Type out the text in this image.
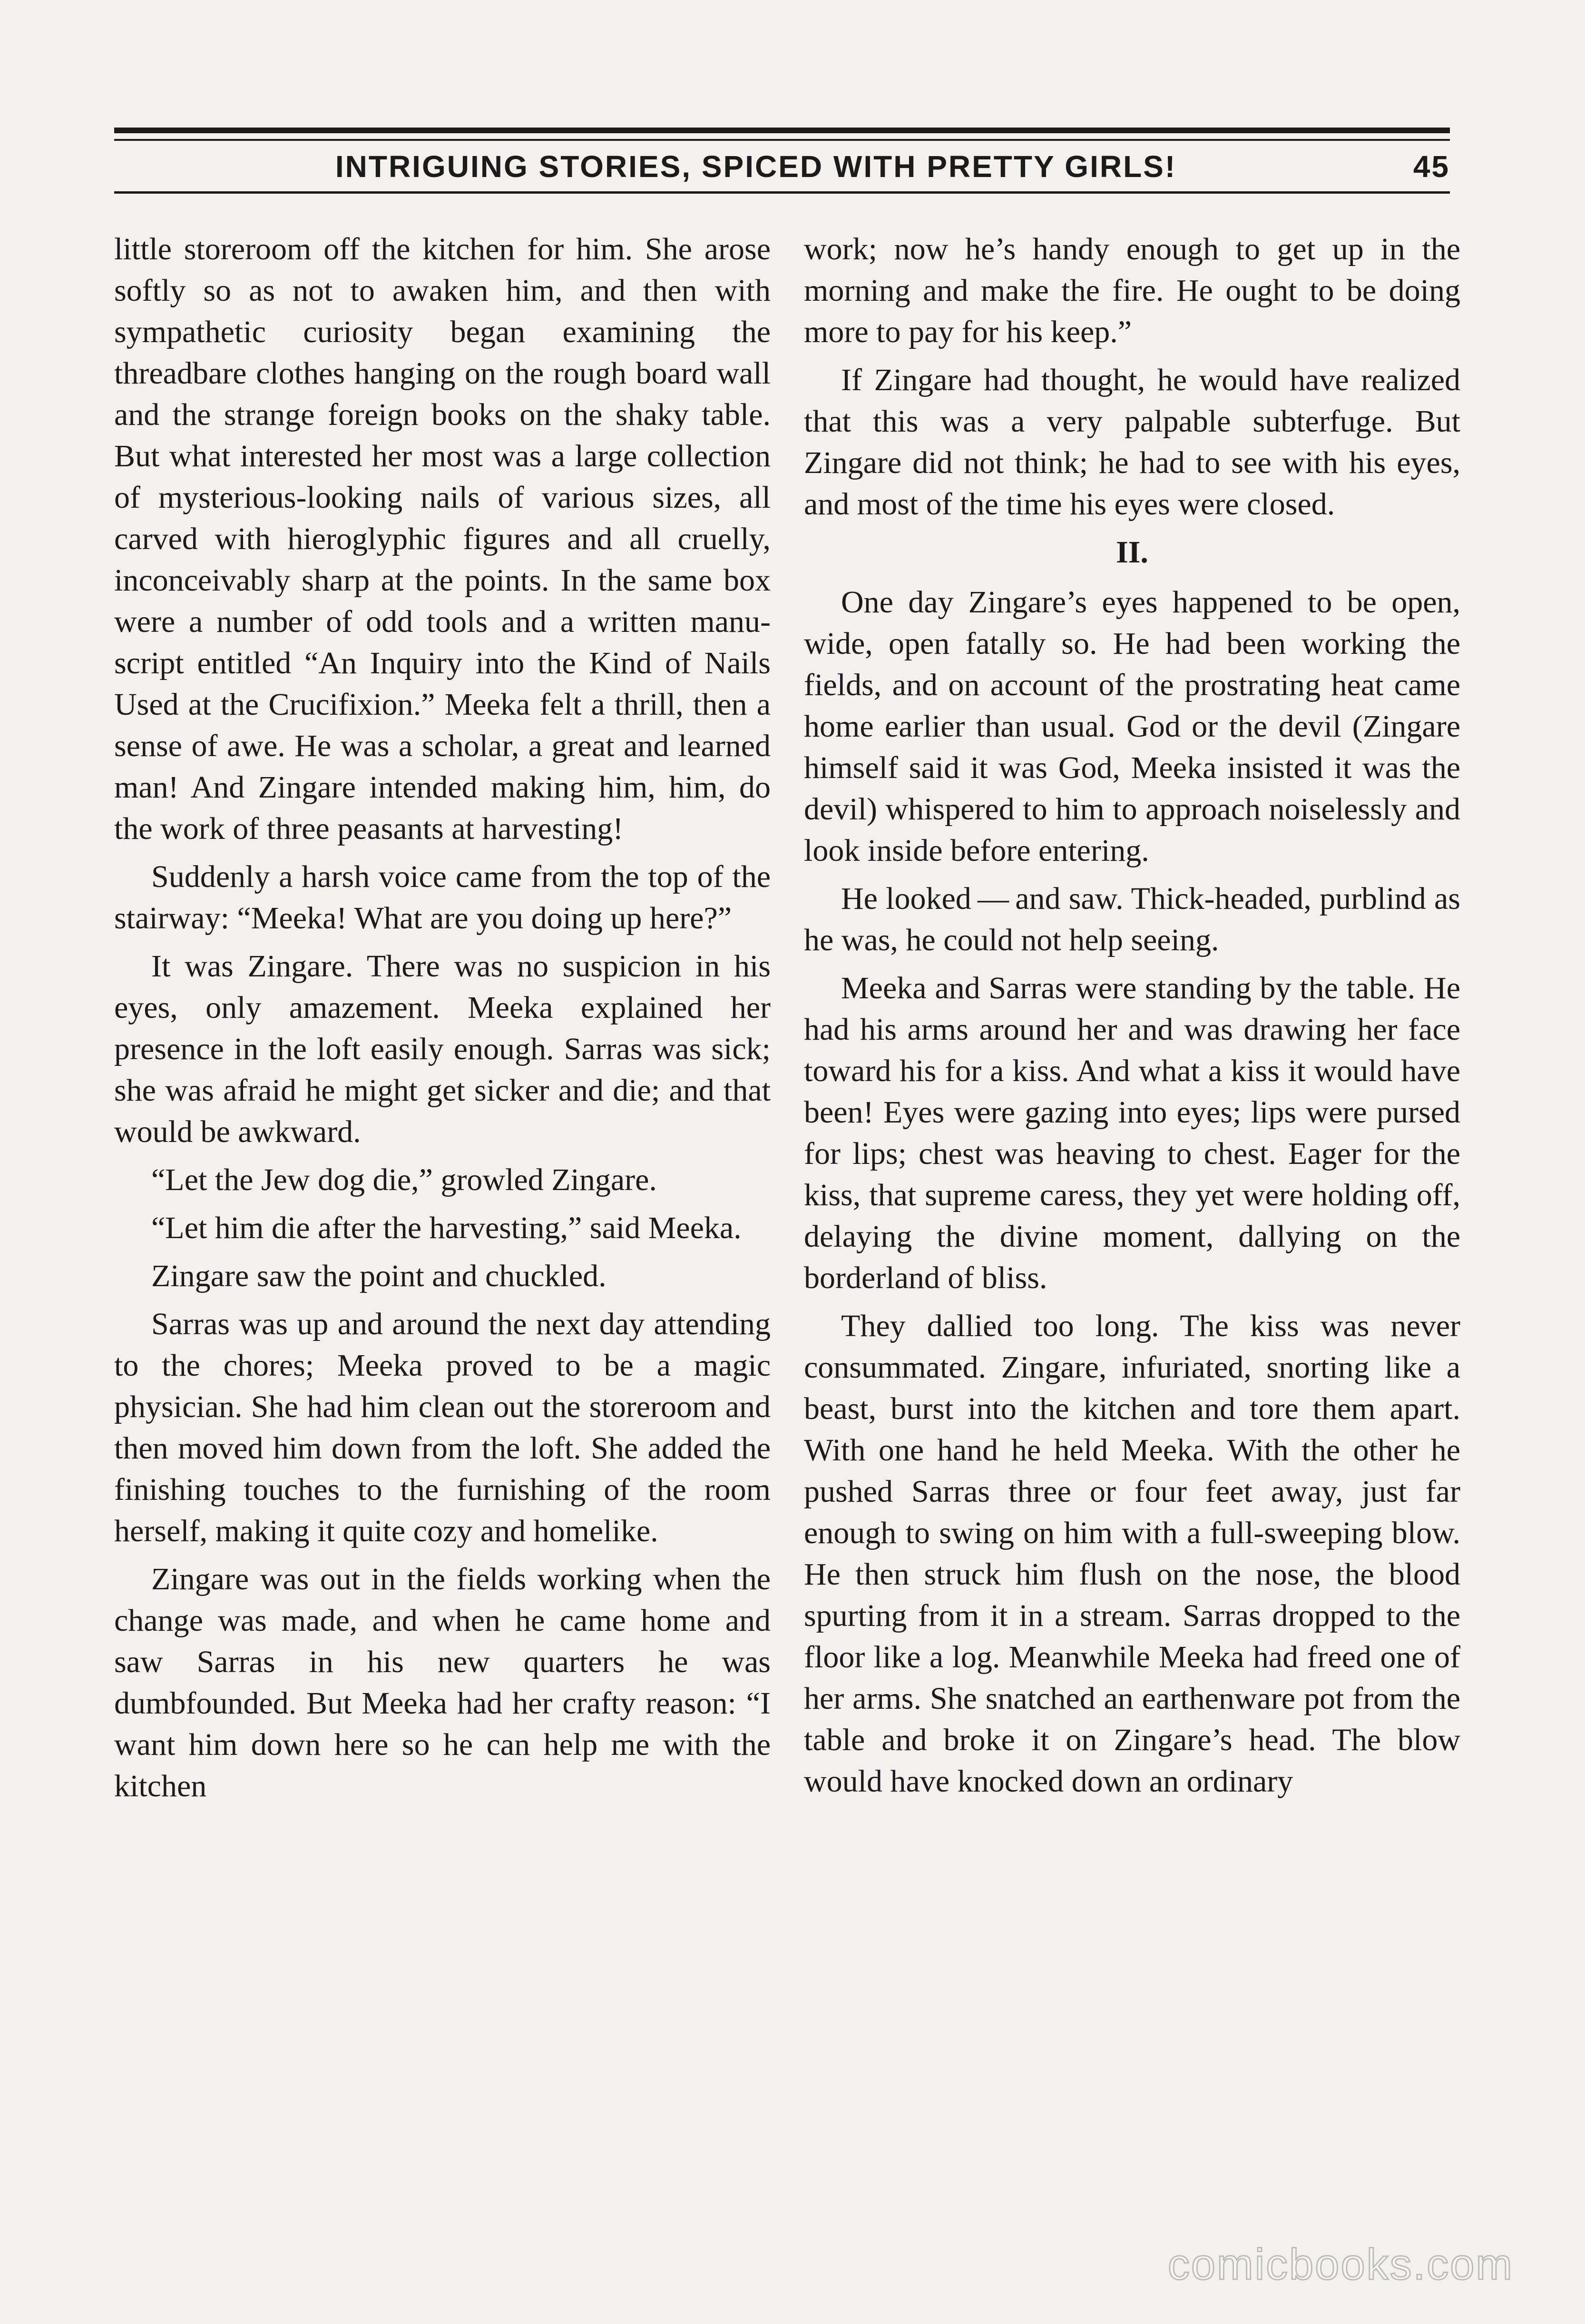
INTRIGUING STORIES, SPICED WITH PRETTY GIRLS!	45

little storeroom off the kitchen for him. She arose softly so as not to awaken him, and then with sympathetic curiosity began examining the threadbare clothes hanging on the rough board wall and the strange foreign books on the shaky table. But what interested her most was a large collection of mysterious-looking nails of various sizes, all carved with hieroglyphic figures and all cruelly, inconceivably sharp at the points. In the same box were a number of odd tools and a written manuscript entitled “An Inquiry into the Kind of Nails Used at the Crucifixion.” Meeka felt a thrill, then a sense of awe. He was a scholar, a great and learned man! And Zingare intended making him, him, do the work of three peasants at harvesting!

Suddenly a harsh voice came from the top of the stairway: “Meeka! What are you doing up here?”

It was Zingare. There was no suspicion in his eyes, only amazement. Meeka explained her presence in the loft easily enough. Sarras was sick; she was afraid he might get sicker and die; and that would be awkward.

“Let the Jew dog die,” growled Zingare.

“Let him die after the harvesting,” said Meeka.

Zingare saw the point and chuckled.

Sarras was up and around the next day attending to the chores; Meeka proved to be a magic physician. She had him clean out the storeroom and then moved him down from the loft. She added the finishing touches to the furnishing of the room herself, making it quite cozy and homelike.

Zingare was out in the fields working when the change was made, and when he came home and saw Sarras in his new quarters he was dumbfounded. But Meeka had her crafty reason: “I want him down here so he can help me with the kitchen

work; now he’s handy enough to get up in the morning and make the fire. He ought to be doing more to pay for his keep.”

If Zingare had thought, he would have realized that this was a very palpable subterfuge. But Zingare did not think; he had to see with his eyes, and most of the time his eyes were closed.

II.

One day Zingare’s eyes happened to be open, wide, open fatally so. He had been working the fields, and on account of the prostrating heat came home earlier than usual. God or the devil (Zingare himself said it was God, Meeka insisted it was the devil) whispered to him to approach noiselessly and look inside before entering.

He looked — and saw. Thick-headed, purblind as he was, he could not help seeing.

Meeka and Sarras were standing by the table. He had his arms around her and was drawing her face toward his for a kiss. And what a kiss it would have been! Eyes were gazing into eyes; lips were pursed for lips; chest was heaving to chest. Eager for the kiss, that supreme caress, they yet were holding off, delaying the divine moment, dallying on the borderland of bliss.

They dallied too long. The kiss was never consummated. Zingare, infuriated, snorting like a beast, burst into the kitchen and tore them apart. With one hand he held Meeka. With the other he pushed Sarras three or four feet away, just far enough to swing on him with a full-sweeping blow. He then struck him flush on the nose, the blood spurting from it in a stream. Sarras dropped to the floor like a log. Meanwhile Meeka had freed one of her arms. She snatched an earthenware pot from the table and broke it on Zingare’s head. The blow would have knocked down an ordinary

comicbooks.com
